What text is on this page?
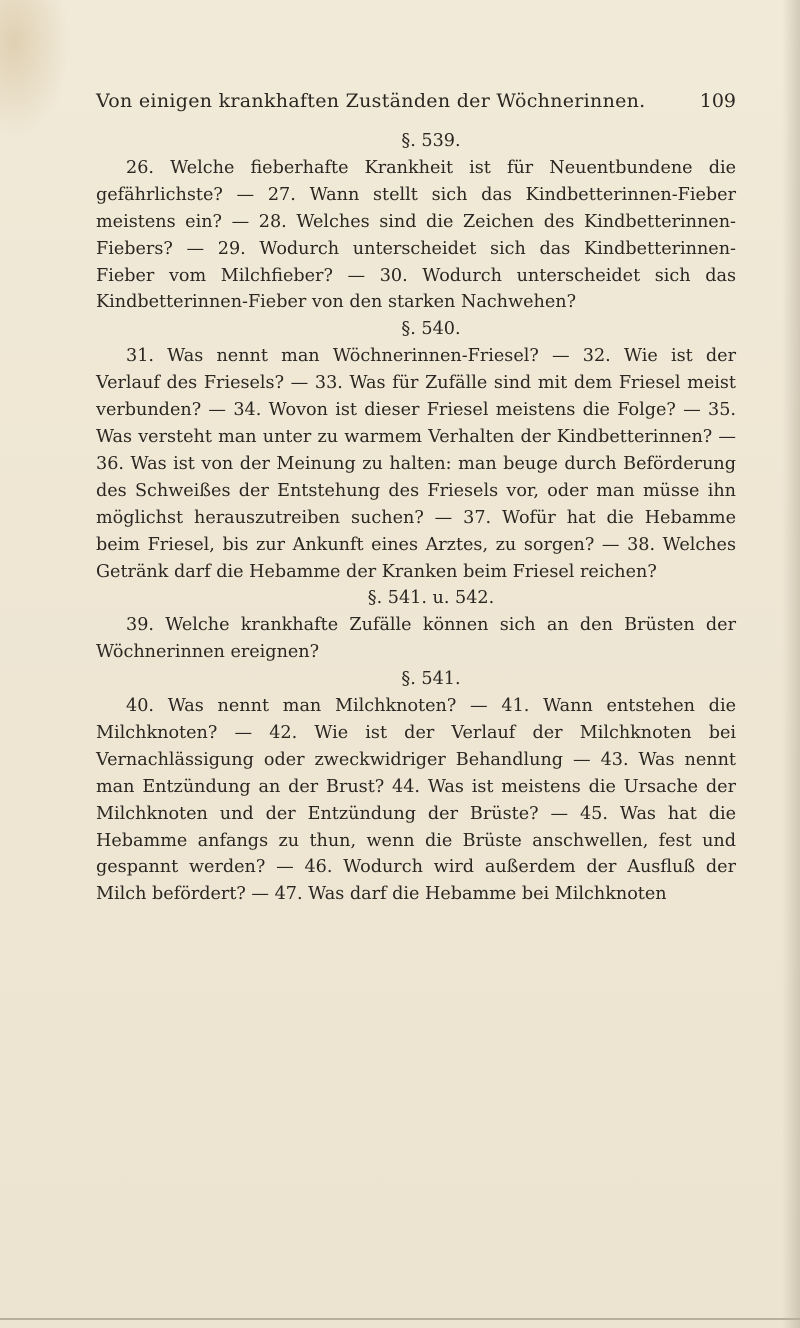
Von einigen krankhaften Zuständen der Wöchnerinnen.	109

§. 539.

26. Welche fieberhafte Krankheit ist für Neuentbundene die gefährlichste? — 27. Wann stellt sich das Kindbetterinnen-Fieber meistens ein? — 28. Welches sind die Zeichen des Kindbetterinnen-Fiebers? — 29. Wodurch unterscheidet sich das Kindbetterinnen-Fieber vom Milchfieber? — 30. Wodurch unterscheidet sich das Kindbetterinnen-Fieber von den starken Nachwehen?

§. 540.

31. Was nennt man Wöchnerinnen-Friesel? — 32. Wie ist der Verlauf des Friesels? — 33. Was für Zufälle sind mit dem Friesel meist verbunden? — 34. Wovon ist dieser Friesel meistens die Folge? — 35. Was versteht man unter zu warmem Verhalten der Kindbetterinnen? — 36. Was ist von der Meinung zu halten: man beuge durch Beförderung des Schweißes der Entstehung des Friesels vor, oder man müsse ihn möglichst herauszutreiben suchen? — 37. Wofür hat die Hebamme beim Friesel, bis zur Ankunft eines Arztes, zu sorgen? — 38. Welches Getränk darf die Hebamme der Kranken beim Friesel reichen?

§. 541. u. 542.

39. Welche krankhafte Zufälle können sich an den Brüsten der Wöchnerinnen ereignen?

§. 541.

40. Was nennt man Milchknoten? — 41. Wann entstehen die Milchknoten? — 42. Wie ist der Verlauf der Milchknoten bei Vernachlässigung oder zweckwidriger Behandlung — 43. Was nennt man Entzündung an der Brust? 44. Was ist meistens die Ursache der Milchknoten und der Entzündung der Brüste? — 45. Was hat die Hebamme anfangs zu thun, wenn die Brüste anschwellen, fest und gespannt werden? — 46. Wodurch wird außerdem der Ausfluß der Milch befördert? — 47. Was darf die Hebamme bei Milchknoten
